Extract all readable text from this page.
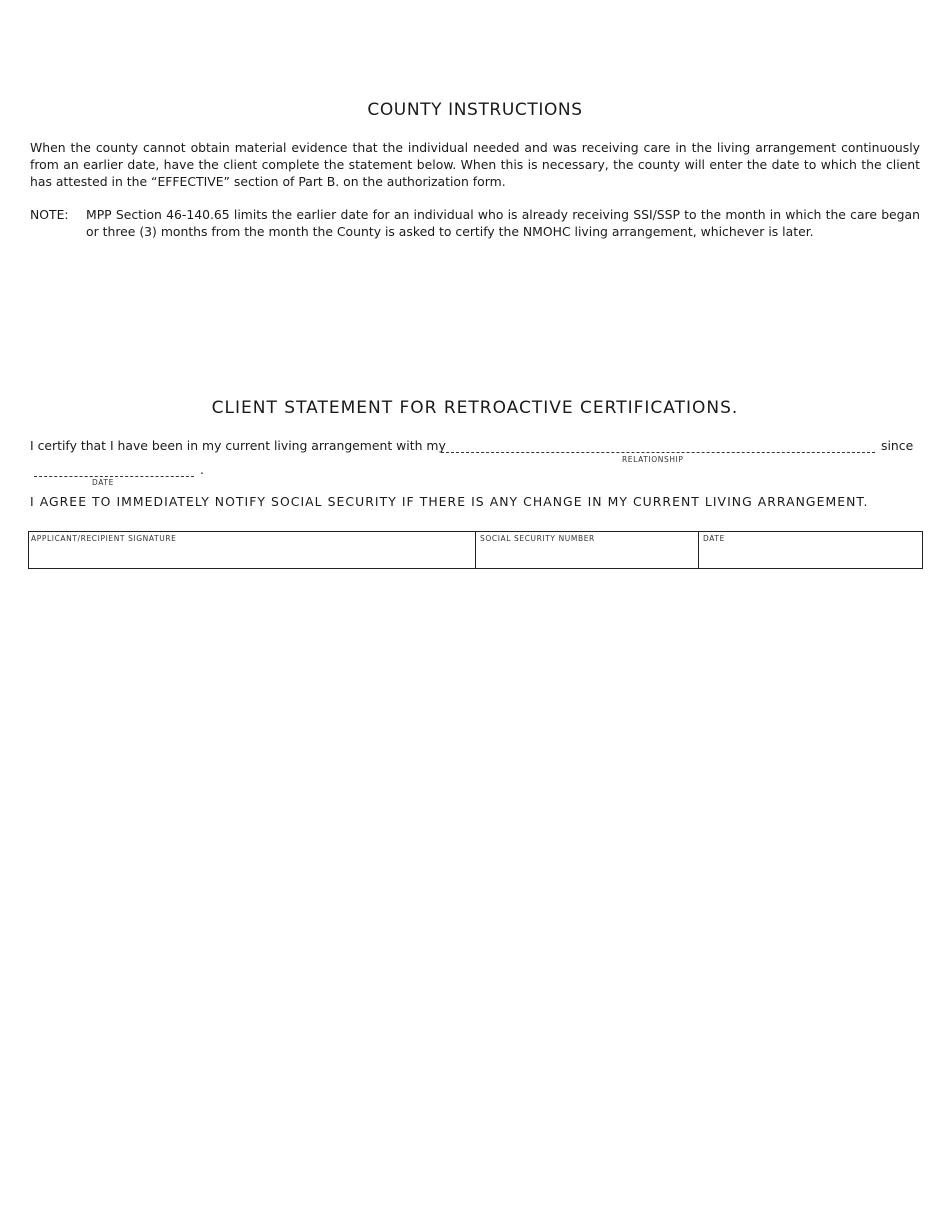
COUNTY INSTRUCTIONS

When the county cannot obtain material evidence that the individual needed and was receiving care in the living arrangement continuously from an earlier date, have the client complete the statement below. When this is necessary, the county will enter the date to which the client has attested in the “EFFECTIVE” section of Part B. on the authorization form.

NOTE:	MPP Section 46-140.65 limits the earlier date for an individual who is already receiving SSI/SSP to the month in which the care began or three (3) months from the month the County is asked to certify the NMOHC living arrangement, whichever is later.
CLIENT STATEMENT FOR RETROACTIVE CERTIFICATIONS.
I certify that I have been in my current living arrangement with my	since
RELATIONSHIP
.
DATE
I AGREE TO IMMEDIATELY NOTIFY SOCIAL SECURITY IF THERE IS ANY CHANGE IN MY CURRENT LIVING ARRANGEMENT.
APPLICANT/RECIPIENT SIGNATURE	SOCIAL SECURITY NUMBER	DATE
